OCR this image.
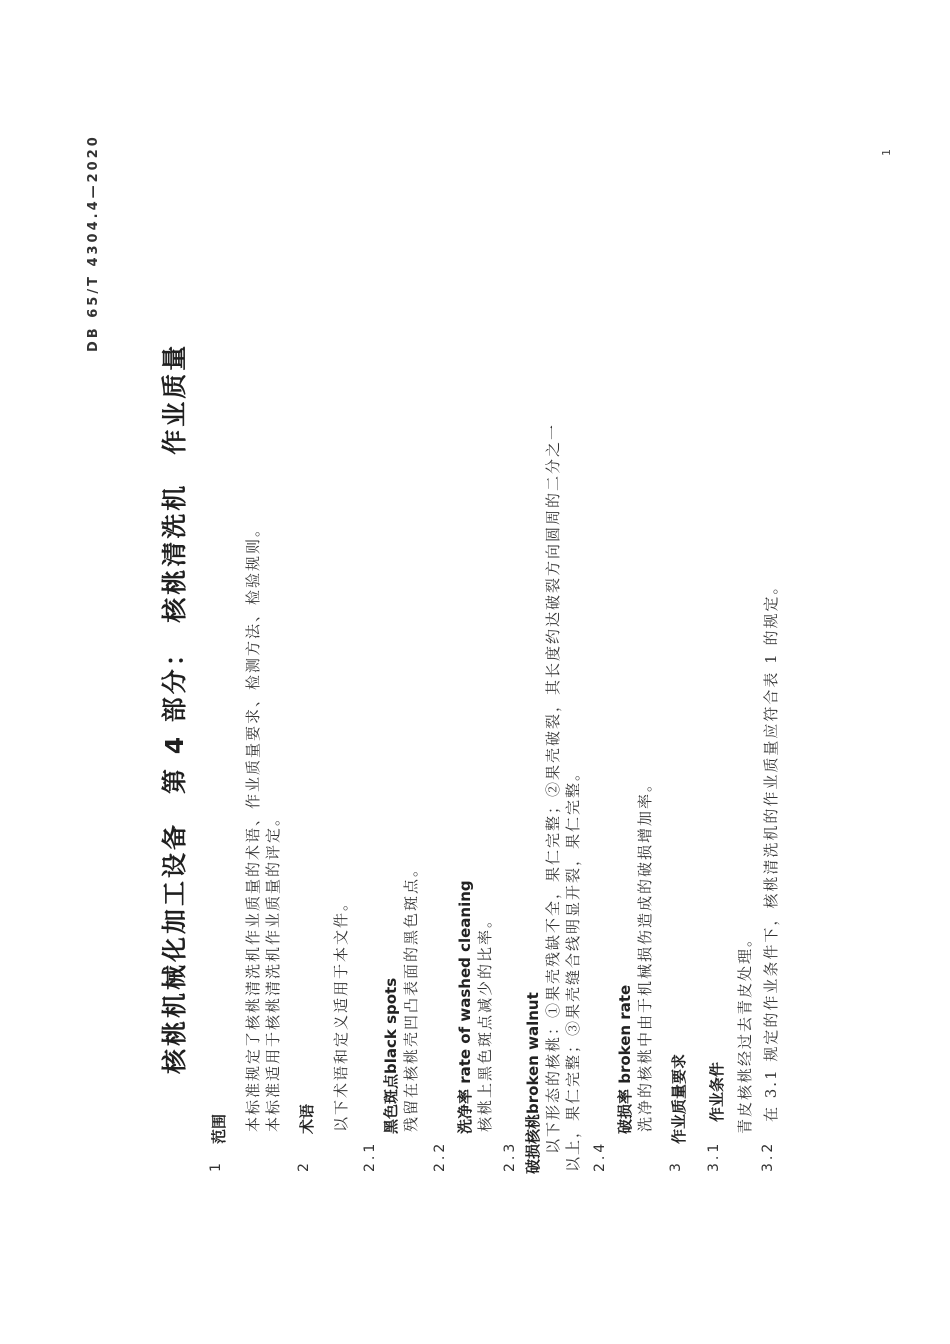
DB 65/T 4304.4—2020	1
核桃机械化加工设备　第 4 部分：　核桃清洗机　作业质量
1
范围 本标准规定了核桃清洗机作业质量的术语、作业质量要求、检测方法、检验规则。 本标准适用于核桃清洗机作业质量的评定。
2
术语 以下术语和定义适用于本文件。
2.1
黑色斑点black spots 残留在核桃壳凹凸表面的黑色斑点。
2.2
洗净率 rate of washed cleaning 核桃上黑色斑点减少的比率。
2.3 破损核桃broken walnut 以下形态的核桃：①果壳残缺不全，果仁完整；②果壳破裂，其长度约达破裂方向圆周的二分之一 以上，果仁完整；③果壳缝合线明显开裂，果仁完整。 2.4
破损率 broken rate 洗净的核桃中由于机械损伤造成的破损增加率。
3
作业质量要求
3.1
作业条件 青皮核桃经过去青皮处理。
3.2
在 3.1 规定的作业条件下，核桃清洗机的作业质量应符合表 1 的规定。
